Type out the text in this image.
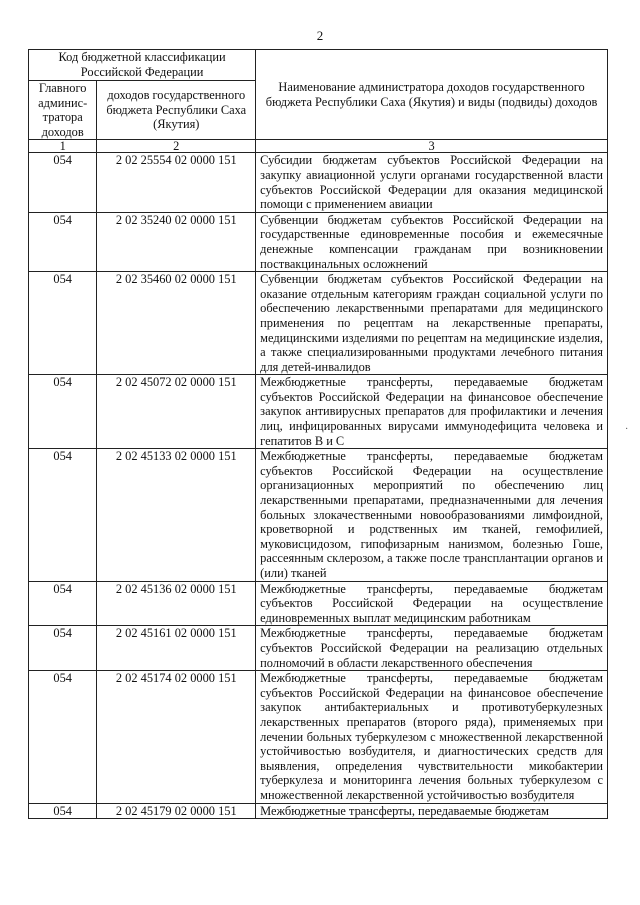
2
·
Код бюджетной классификации Российской Федерации		Наименование администратора доходов государственного бюджета Республики Саха (Якутия) и виды (подвиды) доходов
Главного админис-тратора доходов	доходов государственного бюджета Республики Саха (Якутия)	
1	2	3
054	2 02 25554 02 0000 151	Субсидии бюджетам субъектов Российской Федерации на закупку авиационной услуги органами государственной власти субъектов Российской Федерации для оказания медицинской помощи с применением авиации
054	2 02 35240 02 0000 151	Субвенции бюджетам субъектов Российской Федерации на государственные единовременные пособия и ежемесячные денежные компенсации гражданам при возникновении поствакцинальных осложнений
054	2 02 35460 02 0000 151	Субвенции бюджетам субъектов Российской Федерации на оказание отдельным категориям граждан социальной услуги по обеспечению лекарственными препаратами для медицинского применения по рецептам на лекарственные препараты, медицинскими изделиями по рецептам на медицинские изделия, а также специализированными продуктами лечебного питания для детей-инвалидов
054	2 02 45072 02 0000 151	Межбюджетные трансферты, передаваемые бюджетам субъектов Российской Федерации на финансовое обеспечение закупок антивирусных препаратов для профилактики и лечения лиц, инфицированных вирусами иммунодефицита человека и гепатитов B и C
054	2 02 45133 02 0000 151	Межбюджетные трансферты, передаваемые бюджетам субъектов Российской Федерации на осуществление организационных мероприятий по обеспечению лиц лекарственными препаратами, предназначенными для лечения больных злокачественными новообразованиями лимфоидной, кроветворной и родственных им тканей, гемофилией, муковисцидозом, гипофизарным нанизмом, болезнью Гоше, рассеянным склерозом, а также после трансплантации органов и (или) тканей
054	2 02 45136 02 0000 151	Межбюджетные трансферты, передаваемые бюджетам субъектов Российской Федерации на осуществление единовременных выплат медицинским работникам
054	2 02 45161 02 0000 151	Межбюджетные трансферты, передаваемые бюджетам субъектов Российской Федерации на реализацию отдельных полномочий в области лекарственного обеспечения
054	2 02 45174 02 0000 151	Межбюджетные трансферты, передаваемые бюджетам субъектов Российской Федерации на финансовое обеспечение закупок антибактериальных и противотуберкулезных лекарственных препаратов (второго ряда), применяемых при лечении больных туберкулезом с множественной лекарственной устойчивостью возбудителя, и диагностических средств для выявления, определения чувствительности микобактерии туберкулеза и мониторинга лечения больных туберкулезом с множественной лекарственной устойчивостью возбудителя
054	2 02 45179 02 0000 151	Межбюджетные трансферты, передаваемые бюджетам
